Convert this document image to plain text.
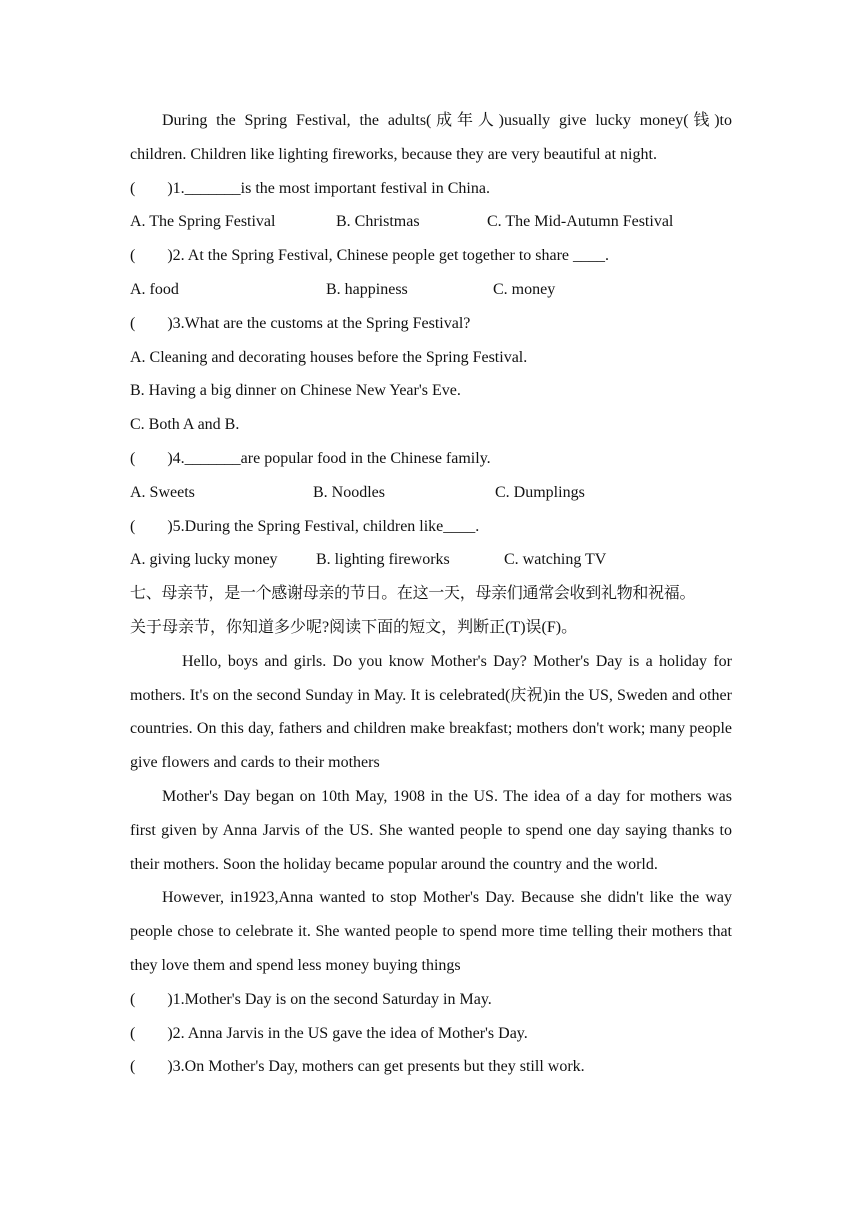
During the Spring Festival, the adults(成年人)usually give lucky money(钱)to
children. Children like lighting fireworks, because they are very beautiful at night.
(        )1._______is the most important festival in China.
A. The Spring Festival	B. Christmas	C. The Mid-Autumn Festival
(        )2. At the Spring Festival, Chinese people get together to share ____.
A. food	B. happiness	C. money
(        )3.What are the customs at the Spring Festival?
A. Cleaning and decorating houses before the Spring Festival.
B. Having a big dinner on Chinese New Year's Eve.
C. Both A and B.
(        )4._______are popular food in the Chinese family.
A. Sweets	B. Noodles	C. Dumplings
(        )5.During the Spring Festival, children like____.
A. giving lucky money	B. lighting fireworks	C. watching TV
七、母亲节，是一个感谢母亲的节日。在这一天，母亲们通常会收到礼物和祝福。
关于母亲节，你知道多少呢?阅读下面的短文，判断正(T)误(F)。
Hello, boys and girls. Do you know Mother's Day? Mother's Day is a holiday for mothers. It's on the second Sunday in May. It is celebrated(庆祝)in the US, Sweden and other countries. On this day, fathers and children make breakfast; mothers don't work; many people give flowers and cards to their mothers
Mother's Day began on 10th May, 1908 in the US. The idea of a day for mothers was first given by Anna Jarvis of the US. She wanted people to spend one day saying thanks to their mothers. Soon the holiday became popular around the country and the world.
However, in1923,Anna wanted to stop Mother's Day. Because she didn't like the way people chose to celebrate it. She wanted people to spend more time telling their mothers that they love them and spend less money buying things
(        )1.Mother's Day is on the second Saturday in May.
(        )2. Anna Jarvis in the US gave the idea of Mother's Day.
(        )3.On Mother's Day, mothers can get presents but they still work.
